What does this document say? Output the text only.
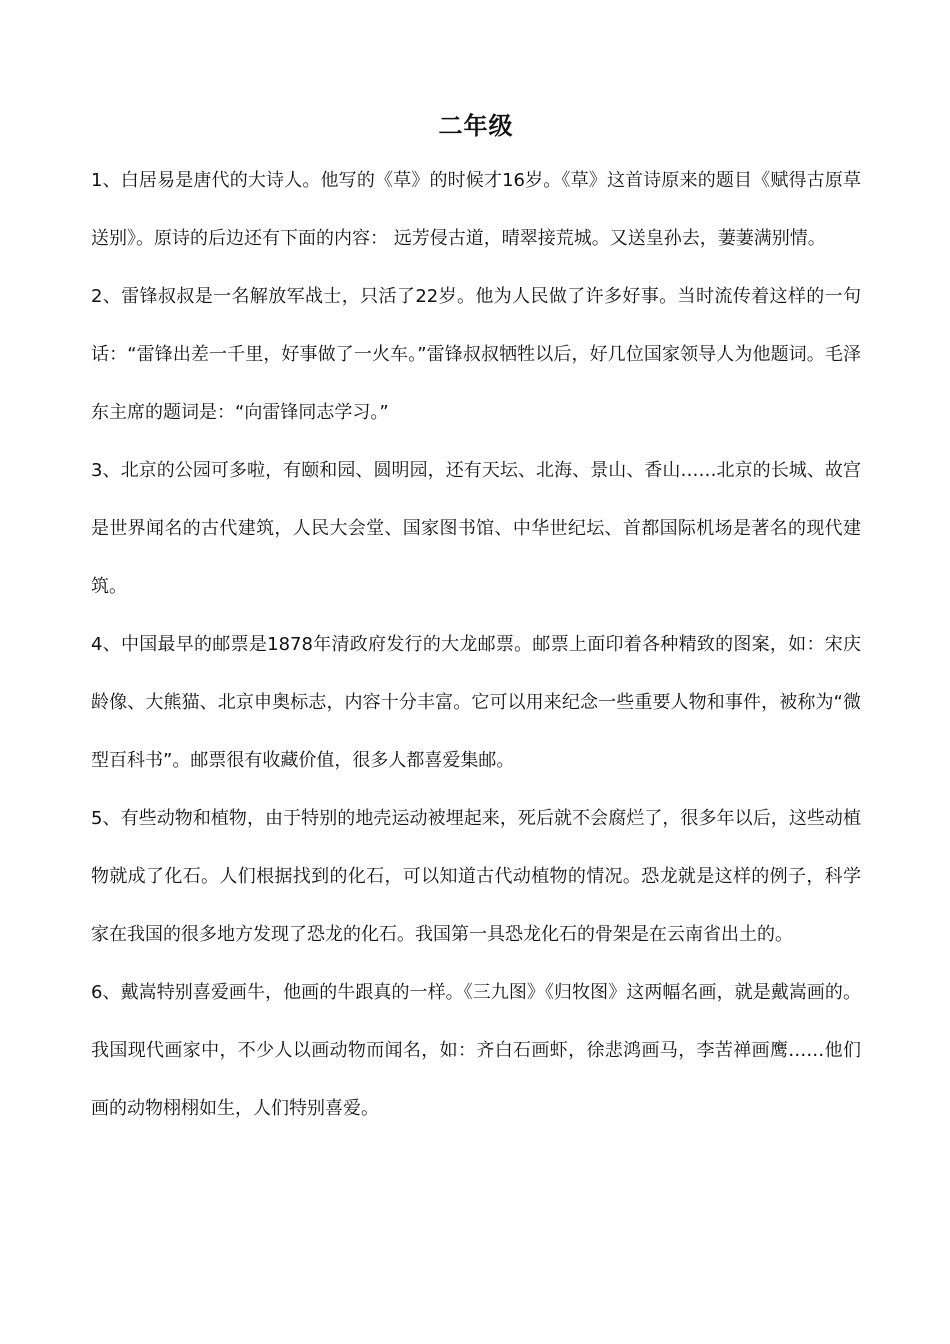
二年级

1、白居易是唐代的大诗人。他写的《草》的时候才16岁。《草》这首诗原来的题目《赋得古原草送别》。原诗的后边还有下面的内容： 远芳侵古道，晴翠接荒城。又送皇孙去，萋萋满别情。

2、雷锋叔叔是一名解放军战士，只活了22岁。他为人民做了许多好事。当时流传着这样的一句话：“雷锋出差一千里，好事做了一火车。”雷锋叔叔牺牲以后，好几位国家领导人为他题词。毛泽东主席的题词是：“向雷锋同志学习。”

3、北京的公园可多啦，有颐和园、圆明园，还有天坛、北海、景山、香山……北京的长城、故宫是世界闻名的古代建筑，人民大会堂、国家图书馆、中华世纪坛、首都国际机场是著名的现代建筑。

4、中国最早的邮票是1878年清政府发行的大龙邮票。邮票上面印着各种精致的图案，如：宋庆龄像、大熊猫、北京申奥标志，内容十分丰富。它可以用来纪念一些重要人物和事件，被称为“微型百科书”。邮票很有收藏价值，很多人都喜爱集邮。

5、有些动物和植物，由于特别的地壳运动被埋起来，死后就不会腐烂了，很多年以后，这些动植物就成了化石。人们根据找到的化石，可以知道古代动植物的情况。恐龙就是这样的例子，科学家在我国的很多地方发现了恐龙的化石。我国第一具恐龙化石的骨架是在云南省出土的。

6、戴嵩特别喜爱画牛，他画的牛跟真的一样。《三九图》《归牧图》这两幅名画，就是戴嵩画的。我国现代画家中，不少人以画动物而闻名，如：齐白石画虾，徐悲鸿画马，李苦禅画鹰……他们画的动物栩栩如生，人们特别喜爱。
